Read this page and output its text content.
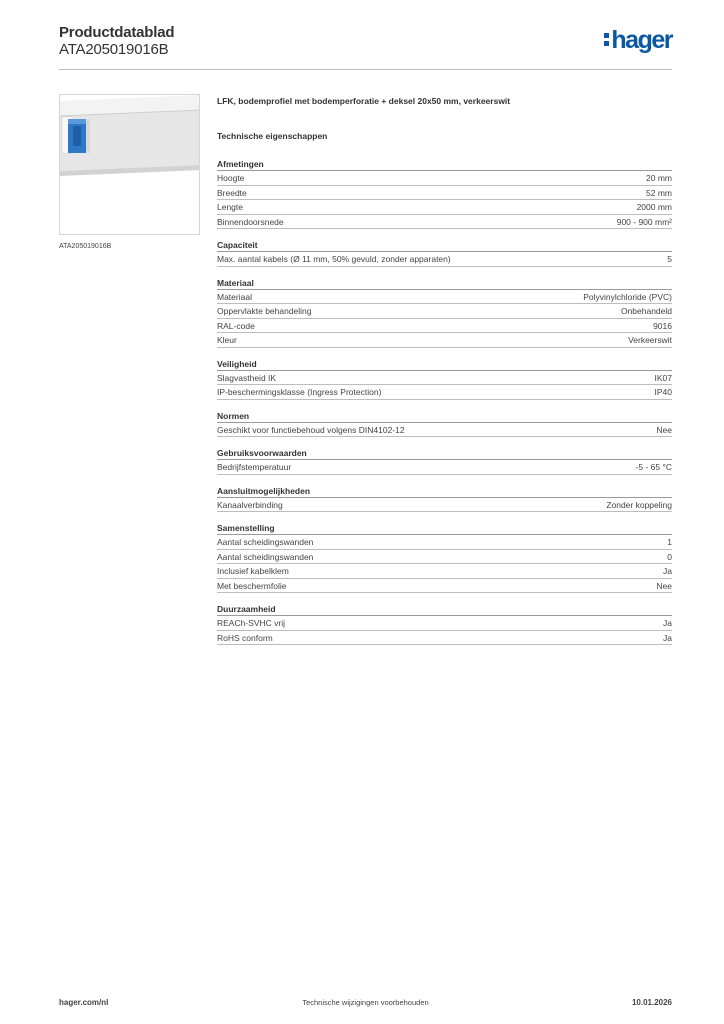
Productdatablad
ATA205019016B	hager
ATA205019016B
LFK, bodemprofiel met bodemperforatie + deksel 20x50 mm, verkeerswit
Technische eigenschappen
Afmetingen
Hoogte	20 mm
Breedte	52 mm
Lengte	2000 mm
Binnendoorsnede	900 - 900 mm²
Capaciteit
Max. aantal kabels (Ø 11 mm, 50% gevuld, zonder apparaten)	5
Materiaal
Materiaal	Polyvinylchloride (PVC)
Oppervlakte behandeling	Onbehandeld
RAL-code	9016
Kleur	Verkeerswit
Veiligheid
Slagvastheid IK	IK07
IP-beschermingsklasse (Ingress Protection)	IP40
Normen
Geschikt voor functiebehoud volgens DIN4102-12	Nee
Gebruiksvoorwaarden
Bedrijfstemperatuur	-5 - 65 °C
Aansluitmogelijkheden
Kanaalverbinding	Zonder koppeling
Samenstelling
Aantal scheidingswanden	1
Aantal scheidingswanden	0
Inclusief kabelklem	Ja
Met beschermfolie	Nee
Duurzaamheid
REACh-SVHC vrij	Ja
RoHS conform	Ja
hager.com/nl	Technische wijzigingen voorbehouden	10.01.2026
